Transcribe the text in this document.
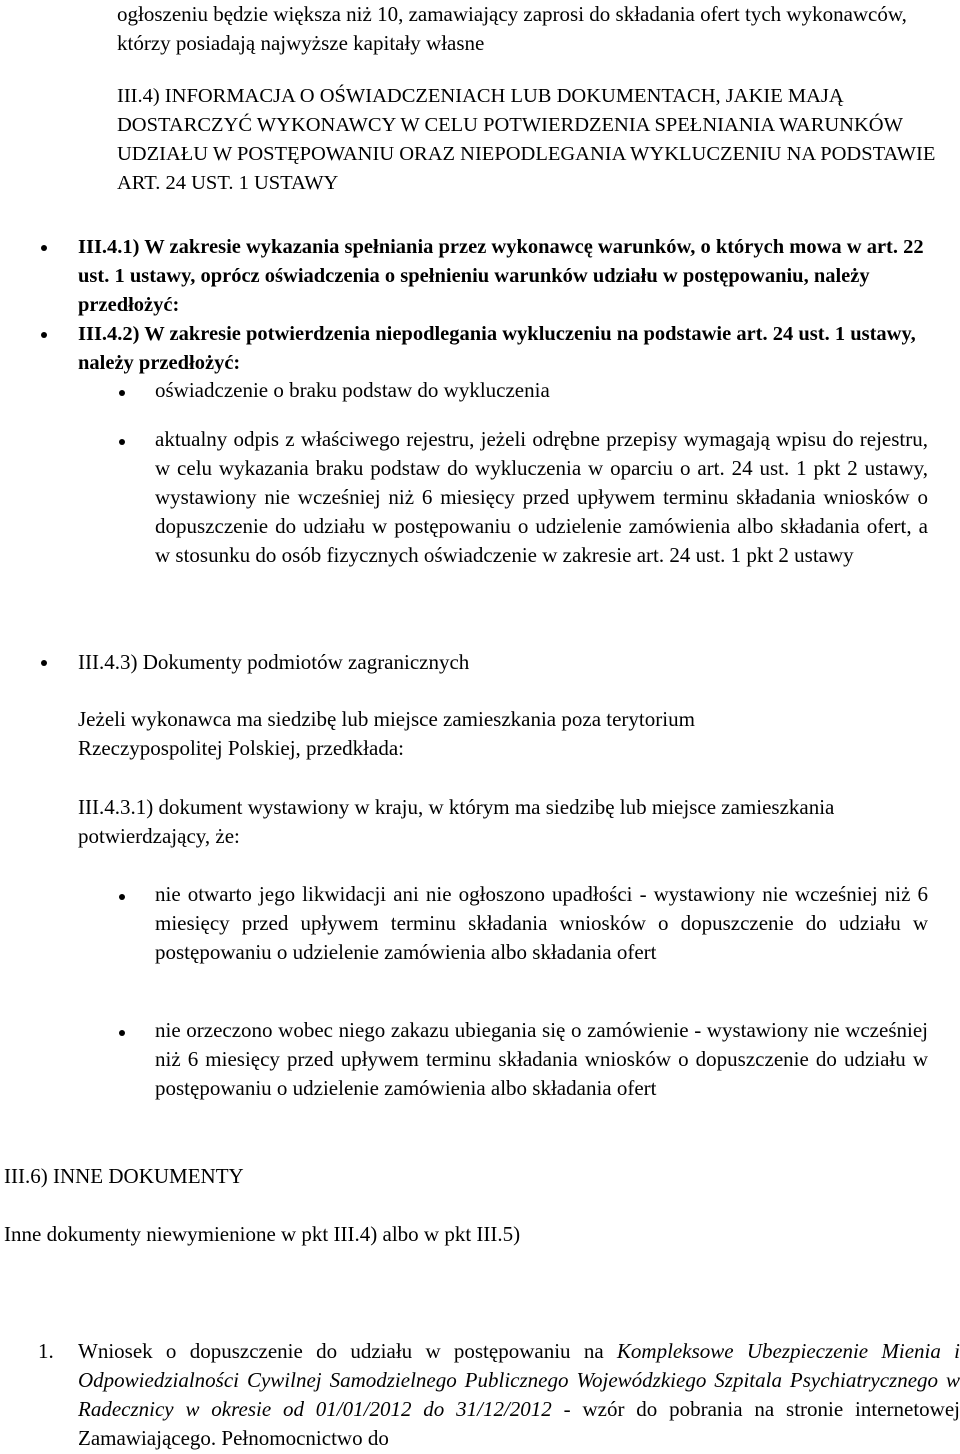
ogłoszeniu będzie większa niż 10, zamawiający zaprosi do składania ofert tych wykonawców, którzy posiadają najwyższe kapitały własne

III.4) INFORMACJA O OŚWIADCZENIACH LUB DOKUMENTACH, JAKIE MAJĄ DOSTARCZYĆ WYKONAWCY W CELU POTWIERDZENIA SPEŁNIANIA WARUNKÓW UDZIAŁU W POSTĘPOWANIU ORAZ NIEPODLEGANIA WYKLUCZENIU NA PODSTAWIE ART. 24 UST. 1 USTAWY

III.4.1) W zakresie wykazania spełniania przez wykonawcę warunków, o których mowa w art. 22 ust. 1 ustawy, oprócz oświadczenia o spełnieniu warunków udziału w postępowaniu, należy przedłożyć:

III.4.2) W zakresie potwierdzenia niepodlegania wykluczeniu na podstawie art. 24 ust. 1 ustawy, należy przedłożyć:

oświadczenie o braku podstaw do wykluczenia

aktualny odpis z właściwego rejestru, jeżeli odrębne przepisy wymagają wpisu do rejestru, w celu wykazania braku podstaw do wykluczenia w oparciu o art. 24 ust. 1 pkt 2 ustawy, wystawiony nie wcześniej niż 6 miesięcy przed upływem terminu składania wniosków o dopuszczenie do udziału w postępowaniu o udzielenie zamówienia albo składania ofert, a w stosunku do osób fizycznych oświadczenie w zakresie art. 24 ust. 1 pkt 2 ustawy

III.4.3) Dokumenty podmiotów zagranicznych

Jeżeli wykonawca ma siedzibę lub miejsce zamieszkania poza terytorium Rzeczypospolitej Polskiej, przedkłada:

III.4.3.1) dokument wystawiony w kraju, w którym ma siedzibę lub miejsce zamieszkania potwierdzający, że:

nie otwarto jego likwidacji ani nie ogłoszono upadłości - wystawiony nie wcześniej niż 6 miesięcy przed upływem terminu składania wniosków o dopuszczenie do udziału w postępowaniu o udzielenie zamówienia albo składania ofert

nie orzeczono wobec niego zakazu ubiegania się o zamówienie - wystawiony nie wcześniej niż 6 miesięcy przed upływem terminu składania wniosków o dopuszczenie do udziału w postępowaniu o udzielenie zamówienia albo składania ofert

III.6) INNE DOKUMENTY

Inne dokumenty niewymienione w pkt III.4) albo w pkt III.5)

1. Wniosek o dopuszczenie do udziału w postępowaniu na Kompleksowe Ubezpieczenie Mienia i Odpowiedzialności Cywilnej Samodzielnego Publicznego Wojewódzkiego Szpitala Psychiatrycznego w Radecznicy w okresie od 01/01/2012 do 31/12/2012 - wzór do pobrania na stronie internetowej Zamawiającego. Pełnomocnictwo do
